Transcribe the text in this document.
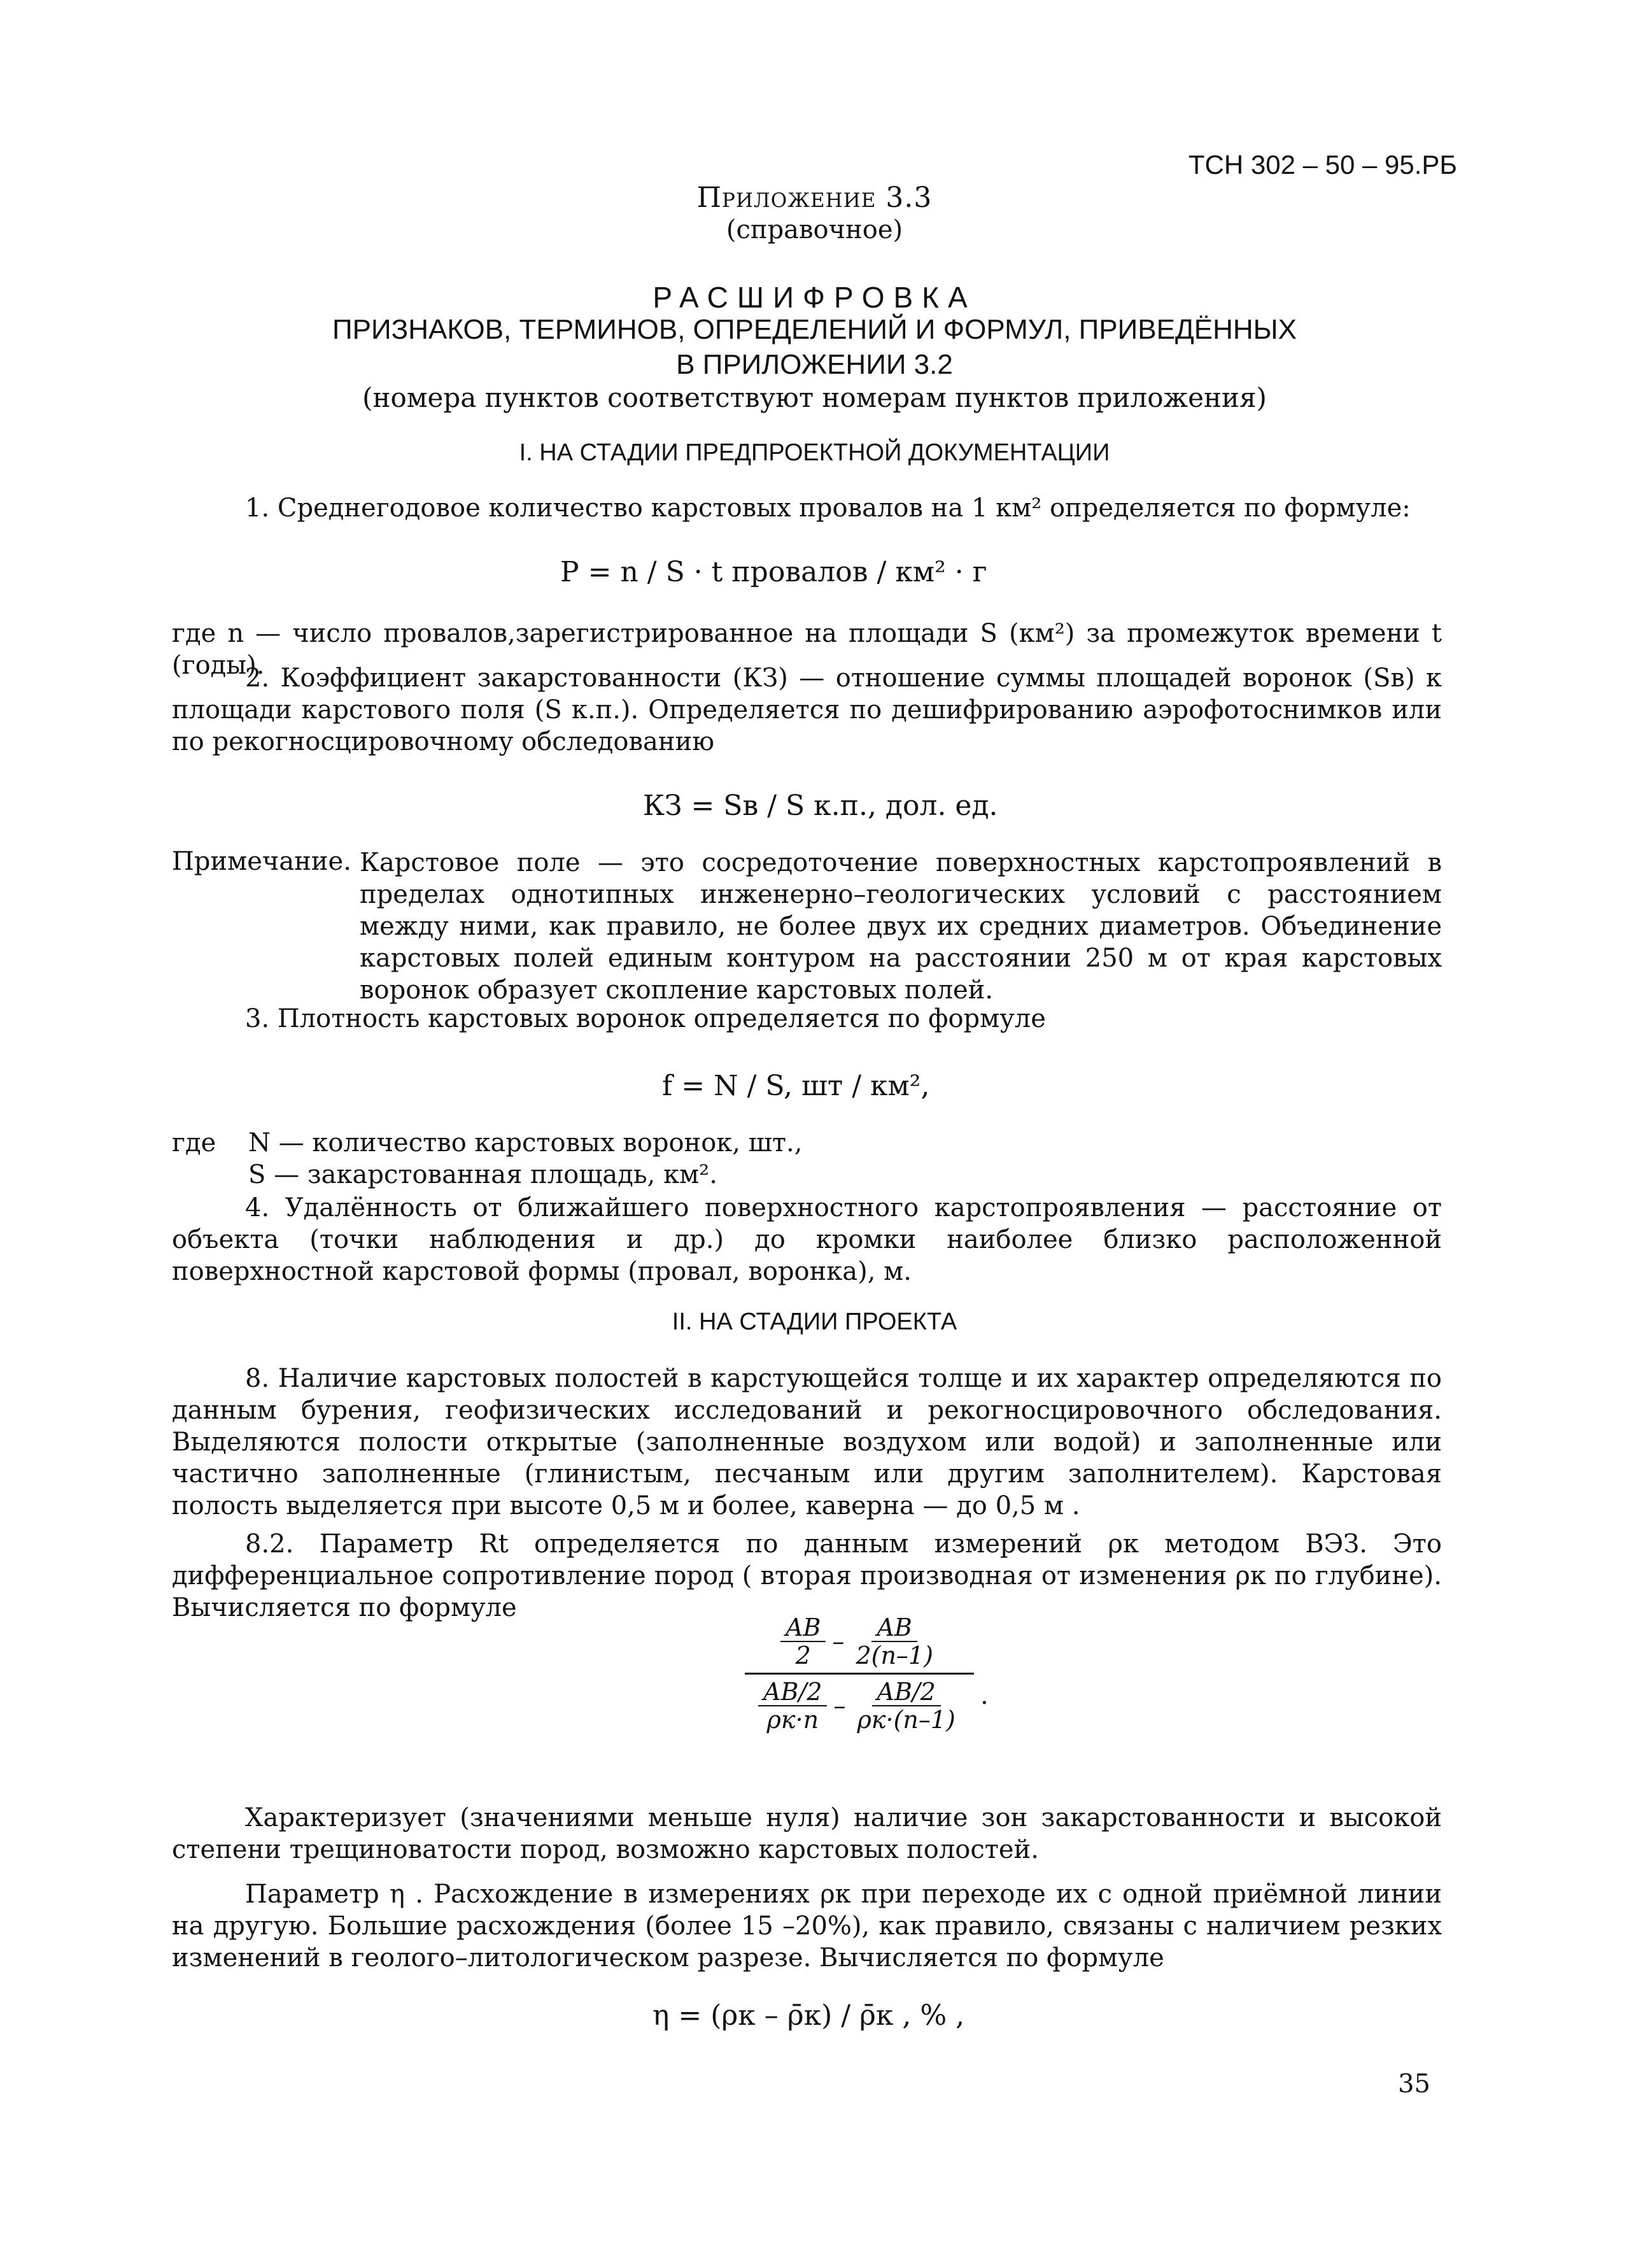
ТСН 302 – 50 – 95.РБ
Приложение 3.3
(справочное)
РАСШИФРОВКА
ПРИЗНАКОВ, ТЕРМИНОВ, ОПРЕДЕЛЕНИЙ И ФОРМУЛ, ПРИВЕДЁННЫХ
В ПРИЛОЖЕНИИ 3.2
(номера пунктов соответствуют номерам пунктов приложения)
I. НА СТАДИИ ПРЕДПРОЕКТНОЙ ДОКУМЕНТАЦИИ
1. Среднегодовое количество карстовых провалов на 1 км² определяется по формуле:
P = n / S · t провалов / км² · г
где n — число провалов,зарегистрированное на площади S (км²) за промежуток времени t (годы).
2. Коэффициент закарстованности (КЗ) — отношение суммы площадей воронок (Sв) к площади карстового поля (S к.п.). Определяется по дешифрированию аэрофотоснимков или по рекогносцировочному обследованию
КЗ = Sв / S к.п., дол. ед.
Примечание. Карстовое поле — это сосредоточение поверхностных карстопроявлений в пределах однотипных инженерно–геологических условий с расстоянием между ними, как правило, не более двух их средних диаметров. Объединение карстовых полей единым контуром на расстоянии 250 м от края карстовых воронок образует скопление карстовых полей.
3. Плотность карстовых воронок определяется по формуле
f = N / S, шт / км²,
где N — количество карстовых воронок, шт.,
S — закарстованная площадь, км².
4. Удалённость от ближайшего поверхностного карстопроявления — расстояние от объекта (точки наблюдения и др.) до кромки наиболее близко расположенной поверхностной карстовой формы (провал, воронка), м.
II. НА СТАДИИ ПРОЕКТА
8. Наличие карстовых полостей в карстующейся толще и их характер определяются по данным бурения, геофизических исследований и рекогносцировочного обследования. Выделяются полости открытые (заполненные воздухом или водой) и заполненные или частично заполненные (глинистым, песчаным или другим заполнителем). Карстовая полость выделяется при высоте 0,5 м и более, каверна — до 0,5 м .
8.2. Параметр Rt определяется по данным измерений ρк методом ВЭЗ. Это дифференциальное сопротивление пород ( вторая производная от изменения ρк по глубине). Вычисляется по формуле
$\frac{AB}{2} - \frac{AB}{2(n-1)}$
$\frac{AB/2}{\rho к\cdot n} - \frac{AB/2}{\rho к\cdot(n-1)}$ .
Характеризует (значениями меньше нуля) наличие зон закарстованности и высокой степени трещиноватости пород, возможно карстовых полостей.
Параметр η . Расхождение в измерениях ρк при переходе их с одной приёмной линии на другую. Большие расхождения (более 15 –20%), как правило, связаны с наличием резких изменений в геолого–литологическом разрезе. Вычисляется по формуле
η = (ρк – ρ̄к) / ρ̄к , % ,
35
